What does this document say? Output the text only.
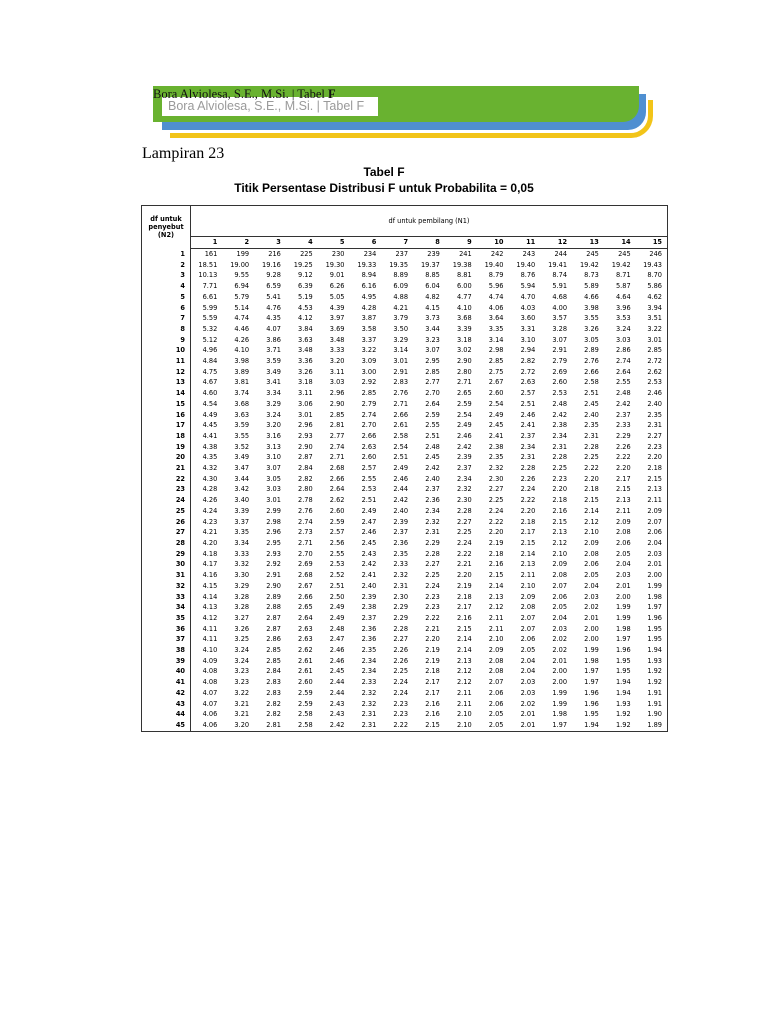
Bora Alviolesa, S.E., M.Si. | Tabel F
Bora Alviolesa, S.E., M.Si. | Tabel F
Lampiran 23
Tabel F
Titik Persentase Distribusi F untuk Probabilita = 0,05
df untuk penyebut (N2)	df untuk pembilang (N1)														
	1	2	3	4	5	6	7	8	9	10	11	12	13	14	15
1	161	199	216	225	230	234	237	239	241	242	243	244	245	245	246
2	18.51	19.00	19.16	19.25	19.30	19.33	19.35	19.37	19.38	19.40	19.40	19.41	19.42	19.42	19.43
3	10.13	9.55	9.28	9.12	9.01	8.94	8.89	8.85	8.81	8.79	8.76	8.74	8.73	8.71	8.70
4	7.71	6.94	6.59	6.39	6.26	6.16	6.09	6.04	6.00	5.96	5.94	5.91	5.89	5.87	5.86
5	6.61	5.79	5.41	5.19	5.05	4.95	4.88	4.82	4.77	4.74	4.70	4.68	4.66	4.64	4.62
6	5.99	5.14	4.76	4.53	4.39	4.28	4.21	4.15	4.10	4.06	4.03	4.00	3.98	3.96	3.94
7	5.59	4.74	4.35	4.12	3.97	3.87	3.79	3.73	3.68	3.64	3.60	3.57	3.55	3.53	3.51
8	5.32	4.46	4.07	3.84	3.69	3.58	3.50	3.44	3.39	3.35	3.31	3.28	3.26	3.24	3.22
9	5.12	4.26	3.86	3.63	3.48	3.37	3.29	3.23	3.18	3.14	3.10	3.07	3.05	3.03	3.01
10	4.96	4.10	3.71	3.48	3.33	3.22	3.14	3.07	3.02	2.98	2.94	2.91	2.89	2.86	2.85
11	4.84	3.98	3.59	3.36	3.20	3.09	3.01	2.95	2.90	2.85	2.82	2.79	2.76	2.74	2.72
12	4.75	3.89	3.49	3.26	3.11	3.00	2.91	2.85	2.80	2.75	2.72	2.69	2.66	2.64	2.62
13	4.67	3.81	3.41	3.18	3.03	2.92	2.83	2.77	2.71	2.67	2.63	2.60	2.58	2.55	2.53
14	4.60	3.74	3.34	3.11	2.96	2.85	2.76	2.70	2.65	2.60	2.57	2.53	2.51	2.48	2.46
15	4.54	3.68	3.29	3.06	2.90	2.79	2.71	2.64	2.59	2.54	2.51	2.48	2.45	2.42	2.40
16	4.49	3.63	3.24	3.01	2.85	2.74	2.66	2.59	2.54	2.49	2.46	2.42	2.40	2.37	2.35
17	4.45	3.59	3.20	2.96	2.81	2.70	2.61	2.55	2.49	2.45	2.41	2.38	2.35	2.33	2.31
18	4.41	3.55	3.16	2.93	2.77	2.66	2.58	2.51	2.46	2.41	2.37	2.34	2.31	2.29	2.27
19	4.38	3.52	3.13	2.90	2.74	2.63	2.54	2.48	2.42	2.38	2.34	2.31	2.28	2.26	2.23
20	4.35	3.49	3.10	2.87	2.71	2.60	2.51	2.45	2.39	2.35	2.31	2.28	2.25	2.22	2.20
21	4.32	3.47	3.07	2.84	2.68	2.57	2.49	2.42	2.37	2.32	2.28	2.25	2.22	2.20	2.18
22	4.30	3.44	3.05	2.82	2.66	2.55	2.46	2.40	2.34	2.30	2.26	2.23	2.20	2.17	2.15
23	4.28	3.42	3.03	2.80	2.64	2.53	2.44	2.37	2.32	2.27	2.24	2.20	2.18	2.15	2.13
24	4.26	3.40	3.01	2.78	2.62	2.51	2.42	2.36	2.30	2.25	2.22	2.18	2.15	2.13	2.11
25	4.24	3.39	2.99	2.76	2.60	2.49	2.40	2.34	2.28	2.24	2.20	2.16	2.14	2.11	2.09
26	4.23	3.37	2.98	2.74	2.59	2.47	2.39	2.32	2.27	2.22	2.18	2.15	2.12	2.09	2.07
27	4.21	3.35	2.96	2.73	2.57	2.46	2.37	2.31	2.25	2.20	2.17	2.13	2.10	2.08	2.06
28	4.20	3.34	2.95	2.71	2.56	2.45	2.36	2.29	2.24	2.19	2.15	2.12	2.09	2.06	2.04
29	4.18	3.33	2.93	2.70	2.55	2.43	2.35	2.28	2.22	2.18	2.14	2.10	2.08	2.05	2.03
30	4.17	3.32	2.92	2.69	2.53	2.42	2.33	2.27	2.21	2.16	2.13	2.09	2.06	2.04	2.01
31	4.16	3.30	2.91	2.68	2.52	2.41	2.32	2.25	2.20	2.15	2.11	2.08	2.05	2.03	2.00
32	4.15	3.29	2.90	2.67	2.51	2.40	2.31	2.24	2.19	2.14	2.10	2.07	2.04	2.01	1.99
33	4.14	3.28	2.89	2.66	2.50	2.39	2.30	2.23	2.18	2.13	2.09	2.06	2.03	2.00	1.98
34	4.13	3.28	2.88	2.65	2.49	2.38	2.29	2.23	2.17	2.12	2.08	2.05	2.02	1.99	1.97
35	4.12	3.27	2.87	2.64	2.49	2.37	2.29	2.22	2.16	2.11	2.07	2.04	2.01	1.99	1.96
36	4.11	3.26	2.87	2.63	2.48	2.36	2.28	2.21	2.15	2.11	2.07	2.03	2.00	1.98	1.95
37	4.11	3.25	2.86	2.63	2.47	2.36	2.27	2.20	2.14	2.10	2.06	2.02	2.00	1.97	1.95
38	4.10	3.24	2.85	2.62	2.46	2.35	2.26	2.19	2.14	2.09	2.05	2.02	1.99	1.96	1.94
39	4.09	3.24	2.85	2.61	2.46	2.34	2.26	2.19	2.13	2.08	2.04	2.01	1.98	1.95	1.93
40	4.08	3.23	2.84	2.61	2.45	2.34	2.25	2.18	2.12	2.08	2.04	2.00	1.97	1.95	1.92
41	4.08	3.23	2.83	2.60	2.44	2.33	2.24	2.17	2.12	2.07	2.03	2.00	1.97	1.94	1.92
42	4.07	3.22	2.83	2.59	2.44	2.32	2.24	2.17	2.11	2.06	2.03	1.99	1.96	1.94	1.91
43	4.07	3.21	2.82	2.59	2.43	2.32	2.23	2.16	2.11	2.06	2.02	1.99	1.96	1.93	1.91
44	4.06	3.21	2.82	2.58	2.43	2.31	2.23	2.16	2.10	2.05	2.01	1.98	1.95	1.92	1.90
45	4.06	3.20	2.81	2.58	2.42	2.31	2.22	2.15	2.10	2.05	2.01	1.97	1.94	1.92	1.89
